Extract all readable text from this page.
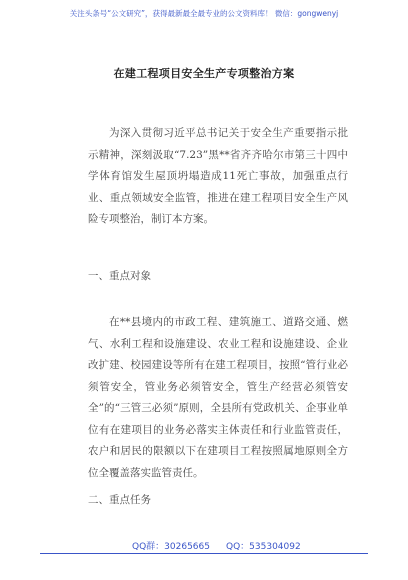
关注头条号“公文研究”，获得最新最全最专业的公文资料库！ 微信：gongwenyj
在建工程项目安全生产专项整治方案

为深入贯彻习近平总书记关于安全生产重要指示批示精神，深刻汲取“7.23”黑**省齐齐哈尔市第三十四中学体育馆发生屋顶坍塌造成11死亡事故，加强重点行业、重点领域安全监管，推进在建工程项目安全生产风险专项整治，制订本方案。

一、重点对象

在**县境内的市政工程、建筑施工、道路交通、燃气、水利工程和设施建设、农业工程和设施建设、企业改扩建、校园建设等所有在建工程项目，按照“管行业必须管安全，管业务必须管安全，管生产经营必须管安全”的“三管三必须”原则，全县所有党政机关、企事业单位有在建项目的业务必落实主体责任和行业监管责任，农户和居民的限额以下在建项目工程按照属地原则全方位全覆盖落实监管责任。

二、重点任务

QQ群：30265665 QQ：535304092
